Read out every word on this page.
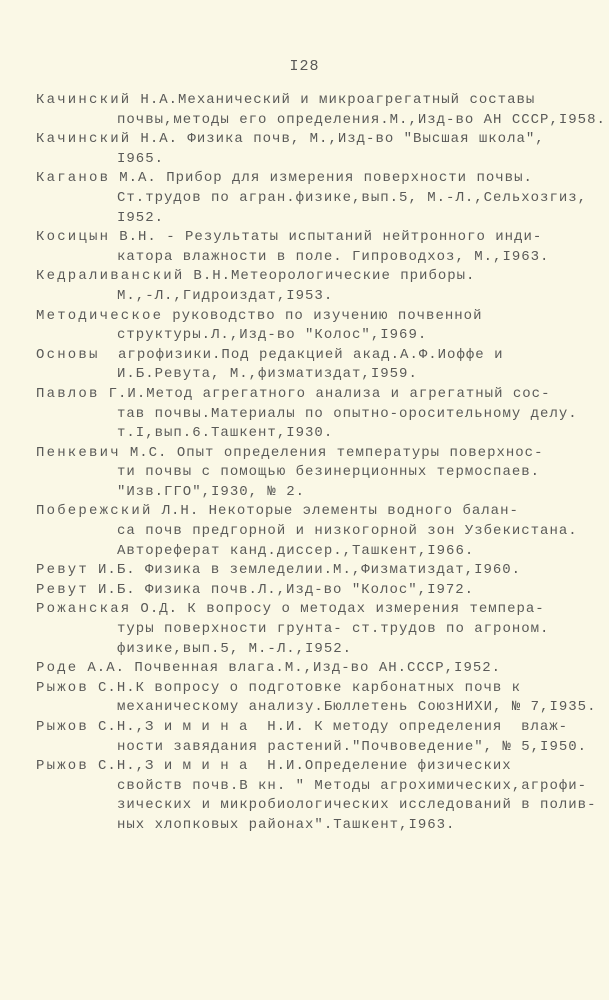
I28
Качинский Н.А.Механический и микроагрегатный составы
почвы,методы его определения.М.,Изд-во АН СССР,I958.
Качинский Н.А. Физика почв, М.,Изд-во "Высшая школа",
I965.
Каганов М.А. Прибор для измерения поверхности почвы.
Ст.трудов по агран.физике,вып.5, М.-Л.,Сельхозгиз,
I952.
Косицын В.Н. - Результаты испытаний нейтронного инди-
катора влажности в поле. Гипроводхоз, М.,I963.
Кедраливанский В.Н.Метеорологические приборы.
М.,-Л.,Гидроиздат,I953.
Методическое руководство по изучению почвенной
структуры.Л.,Изд-во "Колос",I969.
Основы агрофизики.Под редакцией акад.А.Ф.Иоффе и
И.Б.Ревута, М.,физматиздат,I959.
Павлов Г.И.Метод агрегатного анализа и агрегатный сос-
тав почвы.Материалы по опытно-оросительному делу.
т.I,вып.6.Ташкент,I930.
Пенкевич М.С. Опыт определения температуры поверхнос-
ти почвы с помощью безинерционных термоспаев.
"Изв.ГГО",I930, № 2.
Побережский Л.Н. Некоторые элементы водного балан-
са почв предгорной и низкогорной зон Узбекистана.
Автореферат канд.диссер.,Ташкент,I966.
Ревут И.Б. Физика в земледелии.М.,Физматиздат,I960.
Ревут И.Б. Физика почв.Л.,Изд-во "Колос",I972.
Рожанская О.Д. К вопросу о методах измерения темпера-
туры поверхности грунта- ст.трудов по агроном.
физике,вып.5, М.-Л.,I952.
Роде А.А. Почвенная влага.М.,Изд-во АН.СССР,I952.
Рыжов С.Н.К вопросу о подготовке карбонатных почв к
механическому анализу.Бюллетень СоюзНИХИ, № 7,I935.
Рыжов С.Н.,З и м и н а  Н.И. К методу определения  влаж-
ности завядания растений."Почвоведение", № 5,I950.
Рыжов С.Н.,З и м и н а  Н.И.Определение физических
свойств почв.В кн. " Методы агрохимических,агрофи-
зических и микробиологических исследований в полив-
ных хлопковых районах".Ташкент,I963.
